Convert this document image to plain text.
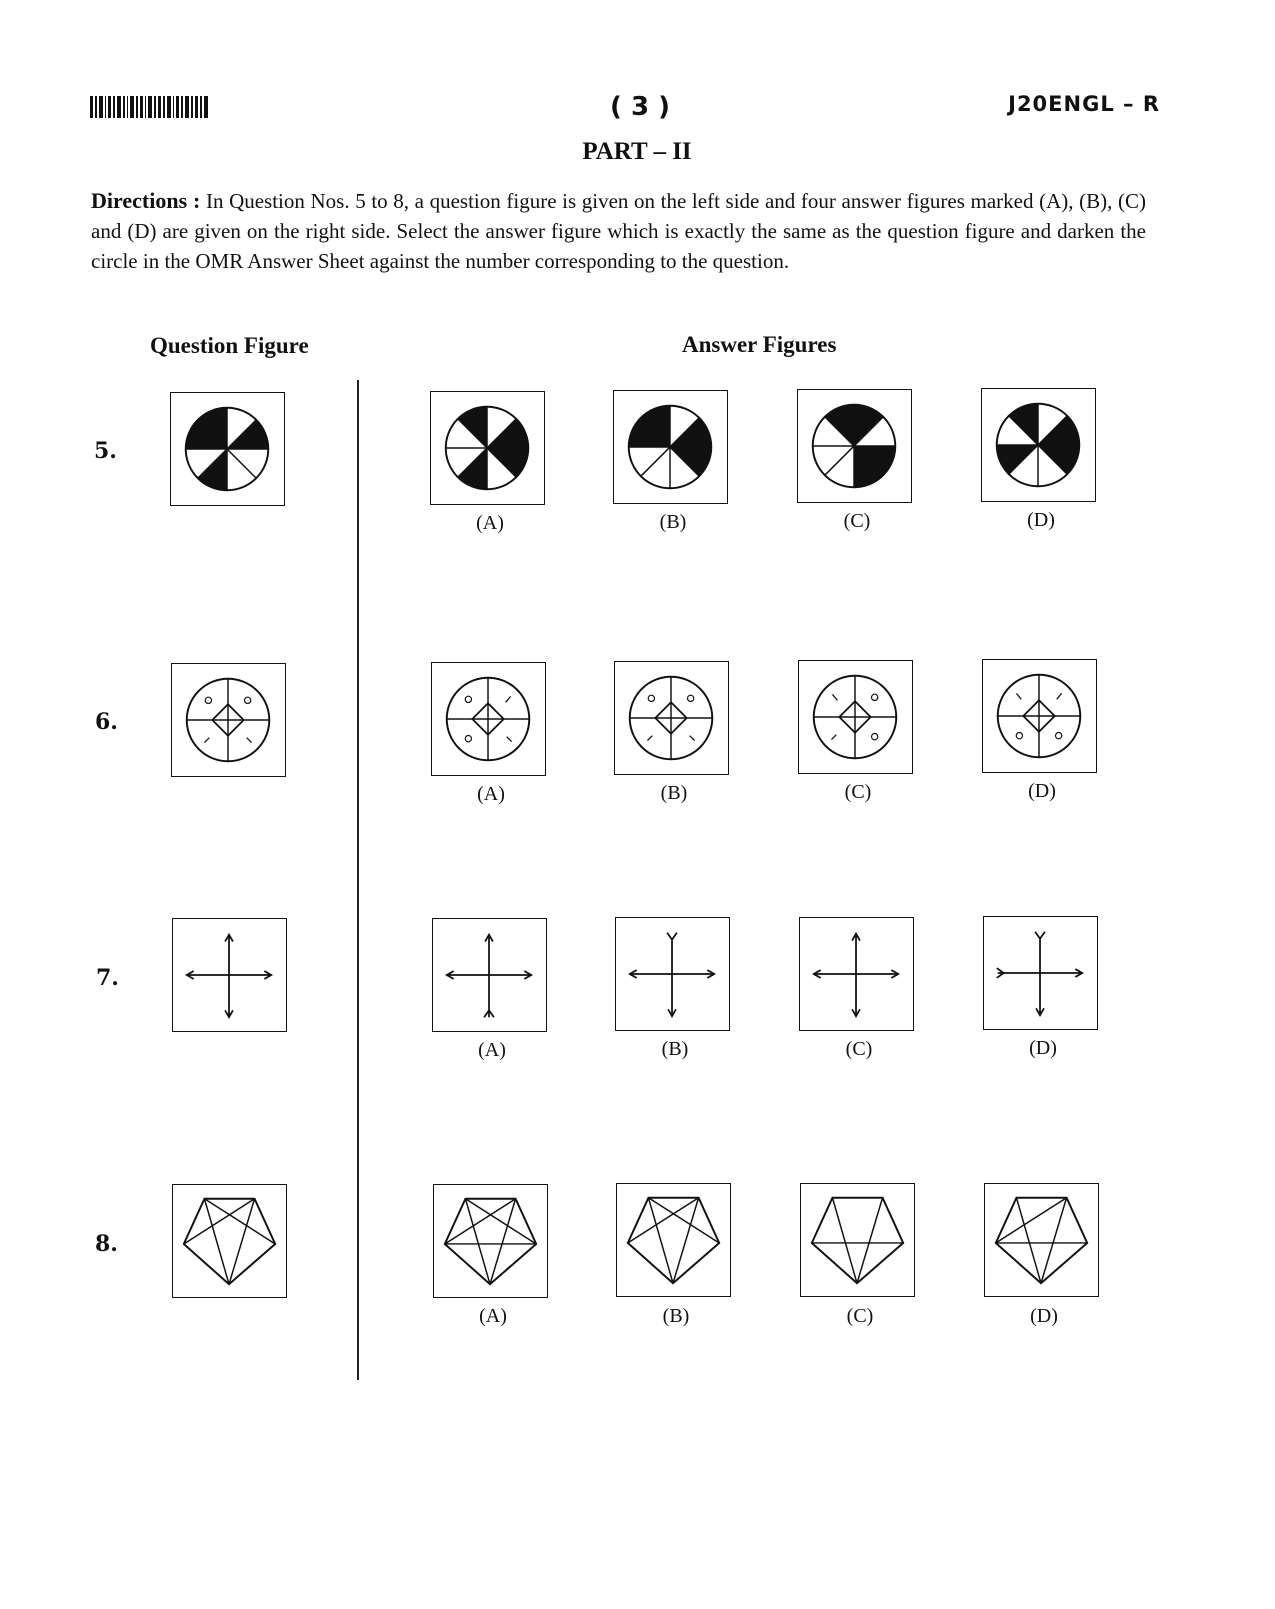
( 3 )	J20ENGL – R
PART – II
Directions : In Question Nos. 5 to 8, a question figure is given on the left side and four answer figures marked (A), (B), (C) and (D) are given on the right side. Select the answer figure which is exactly the same as the question figure and darken the circle in the OMR Answer Sheet against the number corresponding to the question.
Question Figure	Answer Figures
5.
(A)	(B)	(C)	(D)
6.
(A)	(B)	(C)	(D)
7.
(A)	(B)	(C)	(D)
8.
(A)	(B)	(C)	(D)
